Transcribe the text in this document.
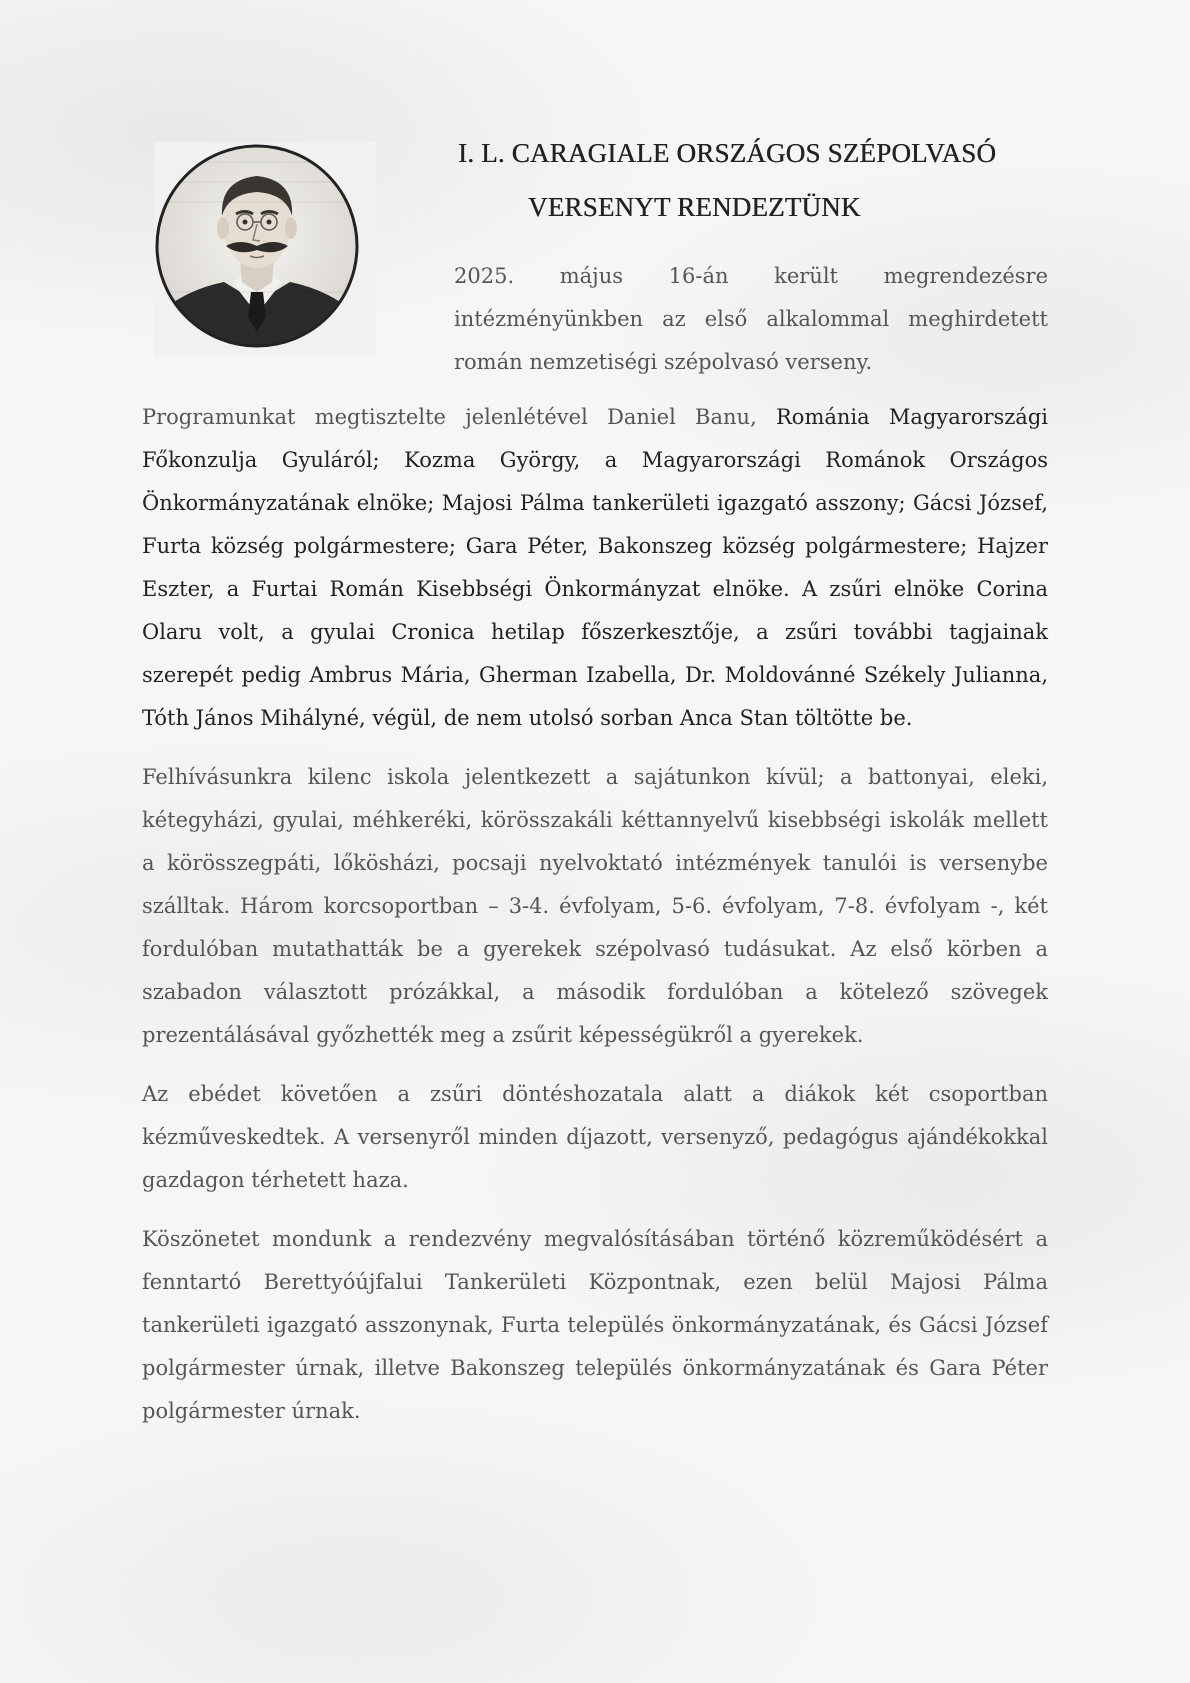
I. L. CARAGIALE ORSZÁGOS SZÉPOLVASÓ
VERSENYT RENDEZTÜNK

2025. május 16-án került megrendezésre intézményünkben az első alkalommal meghirdetett román nemzetiségi szépolvasó verseny.

Programunkat megtisztelte jelenlétével Daniel Banu, Románia Magyarországi Főkonzulja Gyuláról; Kozma György, a Magyarországi Románok Országos Önkormányzatának elnöke; Majosi Pálma tankerületi igazgató asszony; Gácsi József, Furta község polgármestere; Gara Péter, Bakonszeg község polgármestere; Hajzer Eszter, a Furtai Román Kisebbségi Önkormányzat elnöke. A zsűri elnöke Corina Olaru volt, a gyulai Cronica hetilap főszerkesztője, a zsűri további tagjainak szerepét pedig Ambrus Mária, Gherman Izabella, Dr. Moldovánné Székely Julianna, Tóth János Mihályné, végül, de nem utolsó sorban Anca Stan töltötte be.

Felhívásunkra kilenc iskola jelentkezett a sajátunkon kívül; a battonyai, eleki, kétegyházi, gyulai, méhkeréki, körösszakáli kéttannyelvű kisebbségi iskolák mellett a körösszegpáti, lőkösházi, pocsaji nyelvoktató intézmények tanulói is versenybe szálltak. Három korcsoportban – 3-4. évfolyam, 5-6. évfolyam, 7-8. évfolyam -, két fordulóban mutathatták be a gyerekek szépolvasó tudásukat. Az első körben a szabadon választott prózákkal, a második fordulóban a kötelező szövegek prezentálásával győzhették meg a zsűrit képességükről a gyerekek.

Az ebédet követően a zsűri döntéshozatala alatt a diákok két csoportban kézműveskedtek. A versenyről minden díjazott, versenyző, pedagógus ajándékokkal gazdagon térhetett haza.

Köszönetet mondunk a rendezvény megvalósításában történő közreműködésért a fenntartó Berettyóújfalui Tankerületi Központnak, ezen belül Majosi Pálma tankerületi igazgató asszonynak, Furta település önkormányzatának, és Gácsi József polgármester úrnak, illetve Bakonszeg település önkormányzatának és Gara Péter polgármester úrnak.
